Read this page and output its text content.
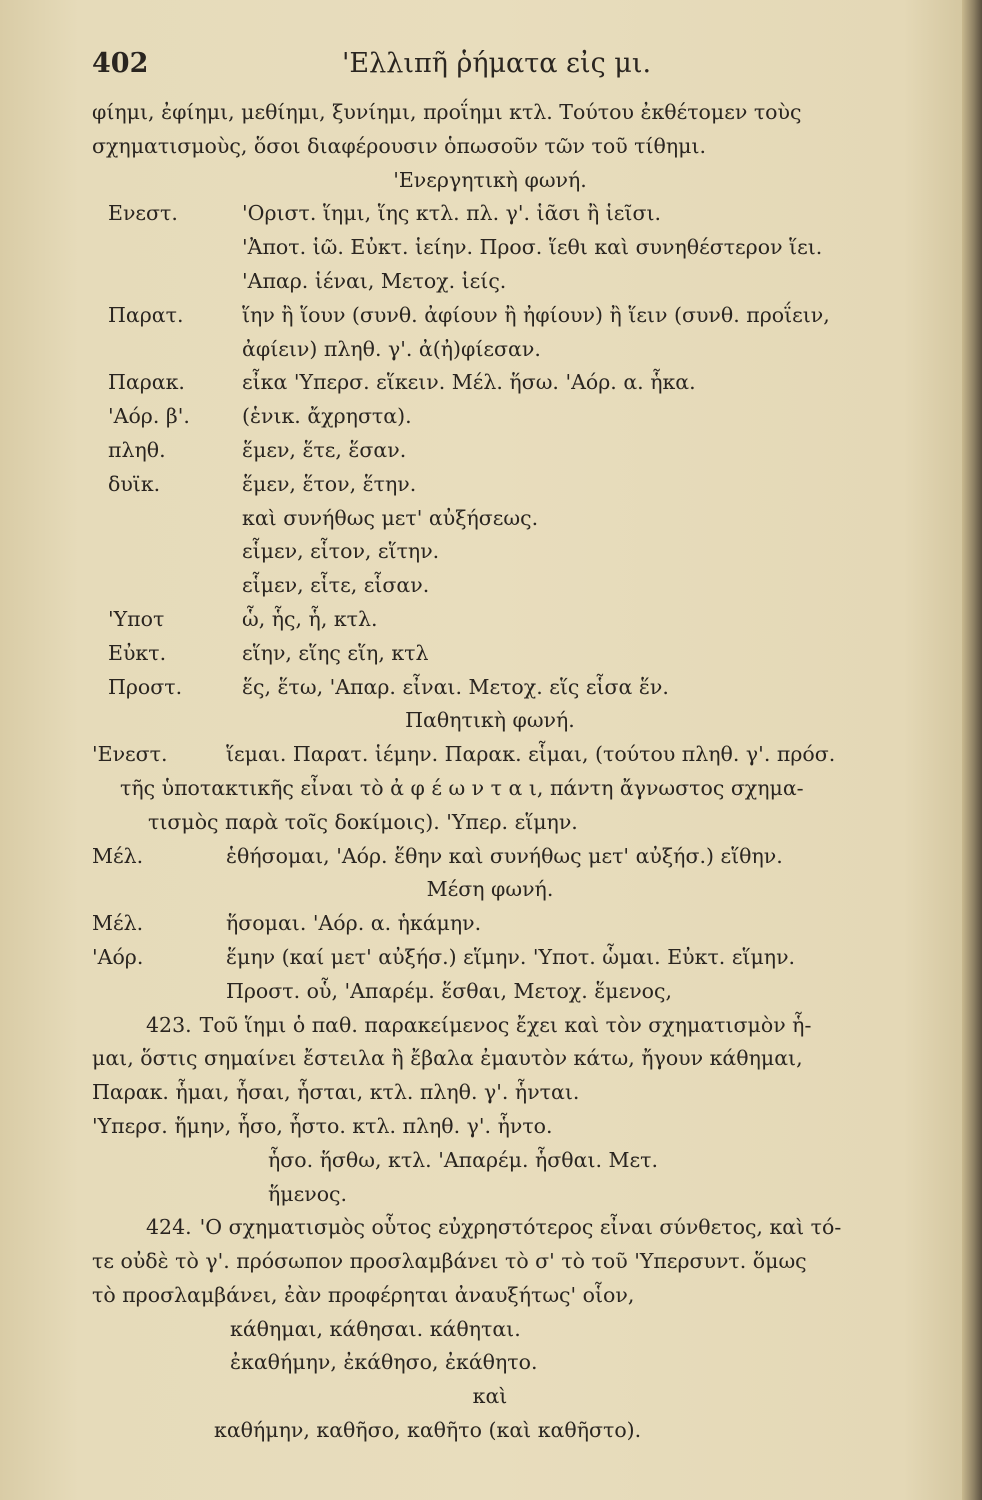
402	'Ελλιπῆ ῥήματα εἰς μι.
φίημι, ἐφίημι, μεθίημι, ξυνίημι, προΐημι κτλ. Τούτου ἐκθέτομεν τοὺς
σχηματισμοὺς, ὅσοι διαφέρουσιν ὁπωσοῦν τῶν τοῦ τίθημι.
'Ενεργητικὴ φωνή.
Ενεστ.	'Οριστ. ἵημι, ἵης κτλ. πλ. γ'. ἱᾶσι ἢ ἱεῖσι.
'Ἀποτ. ἱῶ. Εὐκτ. ἱείην. Προσ. ἵεθι καὶ συνηθέστερον ἵει.
'Απαρ. ἱέναι, Μετοχ. ἱείς.
Παρατ.	ἵην ἢ ἵουν (συνθ. ἀφίουν ἢ ἠφίουν) ἢ ἵειν (συνθ. προΐειν,
ἀφίειν) πληθ. γ'. ἀ(ἠ)φίεσαν.
Παρακ.	εἶκα 'Υπερσ. εἵκειν. Μέλ. ἥσω. 'Αόρ. α. ἧκα.
'Αόρ. β'.	(ἑνικ. ἄχρηστα).
πληθ.	ἕμεν, ἕτε, ἕσαν.
δυϊκ.	ἕμεν, ἕτον, ἕτην.
καὶ συνήθως μετ' αὐξήσεως.
εἷμεν, εἷτον, εἵτην.
εἷμεν, εἷτε, εἷσαν.
'Υποτ	ὧ, ἧς, ἧ, κτλ.
Εὐκτ.	εἵην, εἵης εἵη, κτλ
Προστ.	ἕς, ἕτω, 'Απαρ. εἶναι. Μετοχ. εἵς εἷσα ἕν.
Παθητικὴ φωνή.
'Ενεστ.	ἵεμαι. Παρατ. ἱέμην. Παρακ. εἷμαι, (τούτου πληθ. γ'. πρόσ.
τῆς ὑποτακτικῆς εἶναι τὸ ἀ φ έ ω ν τ α ι, πάντη ἄγνωστος σχημα-
τισμὸς παρὰ τοῖς δοκίμοις). 'Υπερ. εἵμην.
Μέλ.	ἑθήσομαι, 'Αόρ. ἕθην καὶ συνήθως μετ' αὐξήσ.) εἵθην.
Μέση φωνή.
Μέλ.	ἥσομαι. 'Αόρ. α. ἡκάμην.
'Αόρ.	ἕμην (καί μετ' αὐξήσ.) εἵμην. 'Υποτ. ὧμαι. Εὐκτ. εἵμην.
Προστ. οὗ, 'Απαρέμ. ἕσθαι, Μετοχ. ἕμενος,
423. Τοῦ ἵημι ὁ παθ. παρακείμενος ἔχει καὶ τὸν σχηματισμὸν ἧ-
μαι, ὅστις σημαίνει ἔστειλα ἢ ἔβαλα ἐμαυτὸν κάτω, ἤγουν κάθημαι,
Παρακ. ἧμαι, ἧσαι, ἧσται, κτλ. πληθ. γ'. ἧνται.
'Υπερσ. ἥμην, ἧσο, ἧστο. κτλ. πληθ. γ'. ἧντο.
ἧσο. ἥσθω, κτλ. 'Απαρέμ. ἧσθαι. Μετ.
ἥμενος.
424. 'Ο σχηματισμὸς οὗτος εὐχρηστότερος εἶναι σύνθετος, καὶ τό-
τε οὐδὲ τὸ γ'. πρόσωπον προσλαμβάνει τὸ σ' τὸ τοῦ 'Υπερσυντ. ὅμως
τὸ προσλαμβάνει, ἐὰν προφέρηται ἀναυξήτως' οἷον,
κάθημαι, κάθησαι. κάθηται.
ἐκαθήμην, ἐκάθησο, ἐκάθητο.
καὶ
καθήμην, καθῆσο, καθῆτο (καὶ καθῆστο).
